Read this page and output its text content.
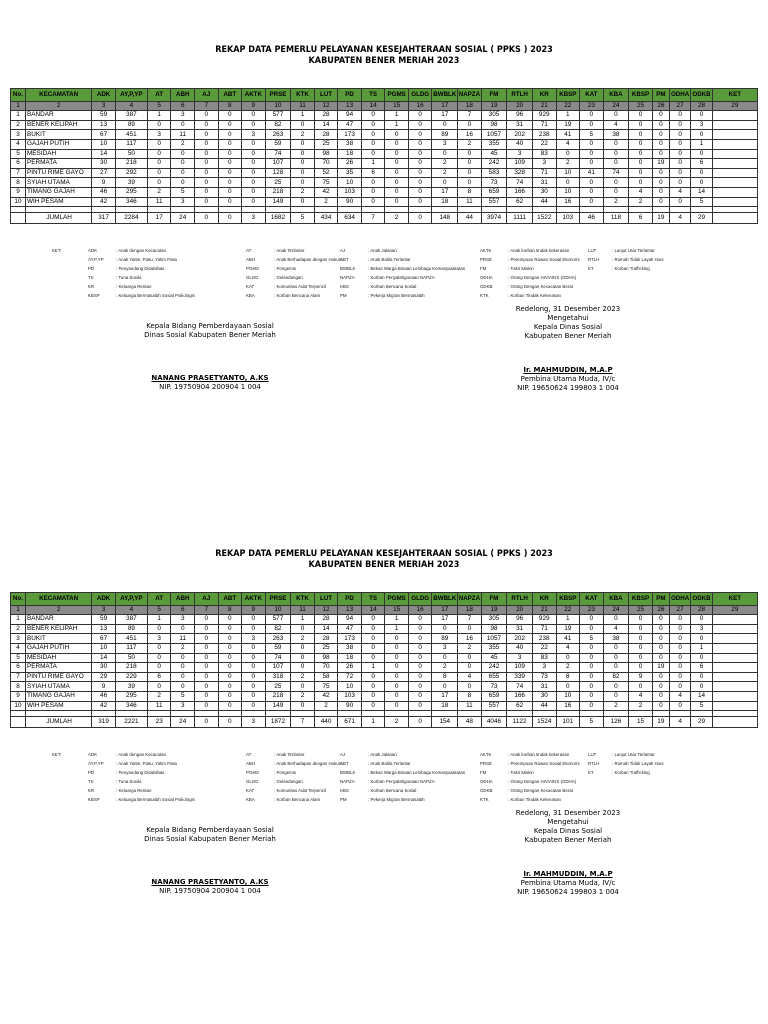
REKAP DATA PEMERLU PELAYANAN KESEJAHTERAAN SOSIAL ( PPKS ) 2023
KABUPATEN BENER MERIAH 2023
No.	KECAMATAN	ADK	AY,P,YP	AT	ABH	AJ	ABT	AKTK	PRSE	KTK	LUT	PD	TS	PGMS	GLDG	BWBLK	NAPZA	FM	RTLH	KR	KBSP	KAT	KBA	KBSP	PM	ODHA	ODKB	KET
1	2	3	4	5	6	7	8	9	10	11	12	13	14	15	16	17	18	19	20	21	22	23	24	25	26	27	28	29
1	BANDAR	59	387	1	3	0	0	0	577	1	28	94	0	1	0	17	7	305	96	929	1	0	0	0	0	0	0	
2	BENER KELIPAH	13	89	0	0	0	0	0	82	0	14	47	0	1	0	0	0	98	31	71	19	0	4	0	0	0	3	
3	BUKIT	67	451	3	11	0	0	3	263	2	28	173	0	0	0	89	16	1057	202	238	41	5	38	0	0	0	0	
4	GAJAH PUTIH	10	117	0	2	0	0	0	59	0	25	38	0	0	0	3	2	355	40	22	4	0	0	0	0	0	1	
5	MESIDAH	14	50	0	0	0	0	0	74	0	98	18	0	0	0	0	0	45	3	83	0	0	0	0	0	0	0	
6	PERMATA	30	218	0	0	0	0	0	107	0	70	26	1	0	0	2	0	242	109	3	2	0	0	0	19	0	6	
7	PINTU RIME GAYO	27	292	0	0	0	0	0	128	0	52	35	6	0	0	2	0	583	328	71	10	41	74	0	0	0	0	
8	SYIAH UTAMA	9	39	0	0	0	0	0	25	0	75	10	0	0	0	0	0	73	74	31	0	0	0	0	0	0	0	
9	TIMANG GAJAH	46	295	2	5	0	0	0	218	2	42	103	0	0	0	17	8	659	166	30	10	0	0	4	0	4	14	
10	WIH PESAM	42	346	11	3	0	0	0	149	0	2	90	0	0	0	18	11	557	62	44	16	0	2	2	0	0	5	

	JUMLAH	317	2284	17	24	0	0	3	1682	5	434	634	7	2	0	148	44	3974	1111	1522	103	46	118	6	19	4	29	
KET:	ADK	: Anak dengan Kecacatan
AY,P,YP	: Anak Yatim, Piatu, Yatim Piatu
PD	: Penyandang Disabilitas
TS	: Tuna Susila
KR	: Keluarga Rentan
KBSP	: Keluarga Bermasalah Sosial Psikologis
AT	: Anak Terlantar
ABH	: Anak Berhadapan dengan Hukum
PGMS	: Pengemis
GLDG	: Gelandangan
KAT	: Komunitas Adat Terpencil
KBA	: Korban Bencana Alam
AJ	: Anak Jalanan
ABT	: Anak Balita Terlantar
BWBLK	: Bekas Warga Binaan Lembaga Kemasyarakatan
NAPZA	: Korban Penyalahgunaan NAPZA
KBS	: Korban Bencana Sosial
PM	: Pekerja Migran Bermasalah
AKTK	: Anak korban tindak kekerasan
PRSE	: Perempuan Rawan Sosial Ekonomi
FM	: Fakir Miskin
ODHA	: Orang Dengan HIV/AIDS (ODHA)
ODKB	: Orang Dengan Kecacatan Berat
KTK	: Korban Tindak Kekerasan
LUT	: Lanjut Usia Terlantar
RTLH	: Rumah Tidak Layak Huni
KT	: Korban Trafficking
Kepala Bidang Pemberdayaan Sosial
Dinas Sosial Kabupaten Bener Meriah
NANANG PRASETYANTO, A.KS
NIP. 19750904 200904 1 004
Redelong, 31 Desember 2023
Mengetahui
Kepala Dinas Sosial
Kabupaten Bener Meriah
Ir. MAHMUDDIN, M.A.P
Pembina Utama Muda, IV/c
NIP. 19650624 199803 1 004
REKAP DATA PEMERLU PELAYANAN KESEJAHTERAAN SOSIAL ( PPKS ) 2023
KABUPATEN BENER MERIAH 2023
No.	KECAMATAN	ADK	AY,P,YP	AT	ABH	AJ	ABT	AKTK	PRSE	KTK	LUT	PD	TS	PGMS	GLDG	BWBLK	NAPZA	FM	RTLH	KR	KBSP	KAT	KBA	KBSP	PM	ODHA	ODKB	KET
1	2	3	4	5	6	7	8	9	10	11	12	13	14	15	16	17	18	19	20	21	22	23	24	25	26	27	28	29
1	BANDAR	59	387	1	3	0	0	0	577	1	28	94	0	1	0	17	7	305	96	929	1	0	0	0	0	0	0	
2	BENER KELIPAH	13	89	0	0	0	0	0	82	0	14	47	0	1	0	0	0	98	31	71	19	0	4	0	0	0	3	
3	BUKIT	67	451	3	11	0	0	3	263	2	28	173	0	0	0	89	16	1057	202	238	41	5	38	0	0	0	0	
4	GAJAH PUTIH	10	117	0	2	0	0	0	59	0	25	38	0	0	0	3	2	355	40	22	4	0	0	0	0	0	1	
5	MESIDAH	14	50	0	0	0	0	0	74	0	98	18	0	0	0	0	0	45	3	83	0	0	0	0	0	0	0	
6	PERMATA	30	218	0	0	0	0	0	107	0	70	26	1	0	0	2	0	242	109	3	2	0	0	0	19	0	6	
7	PINTU RIME GAYO	29	229	6	0	0	0	0	318	2	58	72	0	0	0	8	4	655	339	73	8	0	82	9	0	0	0	
8	SYIAH UTAMA	9	39	0	0	0	0	0	25	0	75	10	0	0	0	0	0	73	74	31	0	0	0	0	0	0	0	
9	TIMANG GAJAH	46	295	2	5	0	0	0	218	2	42	103	0	0	0	17	8	659	166	30	10	0	0	4	0	4	14	
10	WIH PESAM	42	346	11	3	0	0	0	149	0	2	90	0	0	0	18	11	557	62	44	16	0	2	2	0	0	5	

	JUMLAH	319	2221	23	24	0	0	3	1872	7	440	671	1	2	0	154	48	4046	1122	1524	101	5	126	15	19	4	29	
KET:	ADK	: Anak dengan Kecacatan
AY,P,YP	: Anak Yatim, Piatu, Yatim Piatu
PD	: Penyandang Disabilitas
TS	: Tuna Susila
KR	: Keluarga Rentan
KBSP	: Keluarga Bermasalah Sosial Psikologis
AT	: Anak Terlantar
ABH	: Anak Berhadapan dengan Hukum
PGMS	: Pengemis
GLDG	: Gelandangan
KAT	: Komunitas Adat Terpencil
KBA	: Korban Bencana Alam
AJ	: Anak Jalanan
ABT	: Anak Balita Terlantar
BWBLK	: Bekas Warga Binaan Lembaga Kemasyarakatan
NAPZA	: Korban Penyalahgunaan NAPZA
KBS	: Korban Bencana Sosial
PM	: Pekerja Migran Bermasalah
AKTK	: Anak korban tindak kekerasan
PRSE	: Perempuan Rawan Sosial Ekonomi
FM	: Fakir Miskin
ODHA	: Orang Dengan HIV/AIDS (ODHA)
ODKB	: Orang Dengan Kecacatan Berat
KTK	: Korban Tindak Kekerasan
LUT	: Lanjut Usia Terlantar
RTLH	: Rumah Tidak Layak Huni
KT	: Korban Trafficking
Kepala Bidang Pemberdayaan Sosial
Dinas Sosial Kabupaten Bener Meriah
NANANG PRASETYANTO, A.KS
NIP. 19750904 200904 1 004
Redelong, 31 Desember 2023
Mengetahui
Kepala Dinas Sosial
Kabupaten Bener Meriah
Ir. MAHMUDDIN, M.A.P
Pembina Utama Muda, IV/c
NIP. 19650624 199803 1 004
